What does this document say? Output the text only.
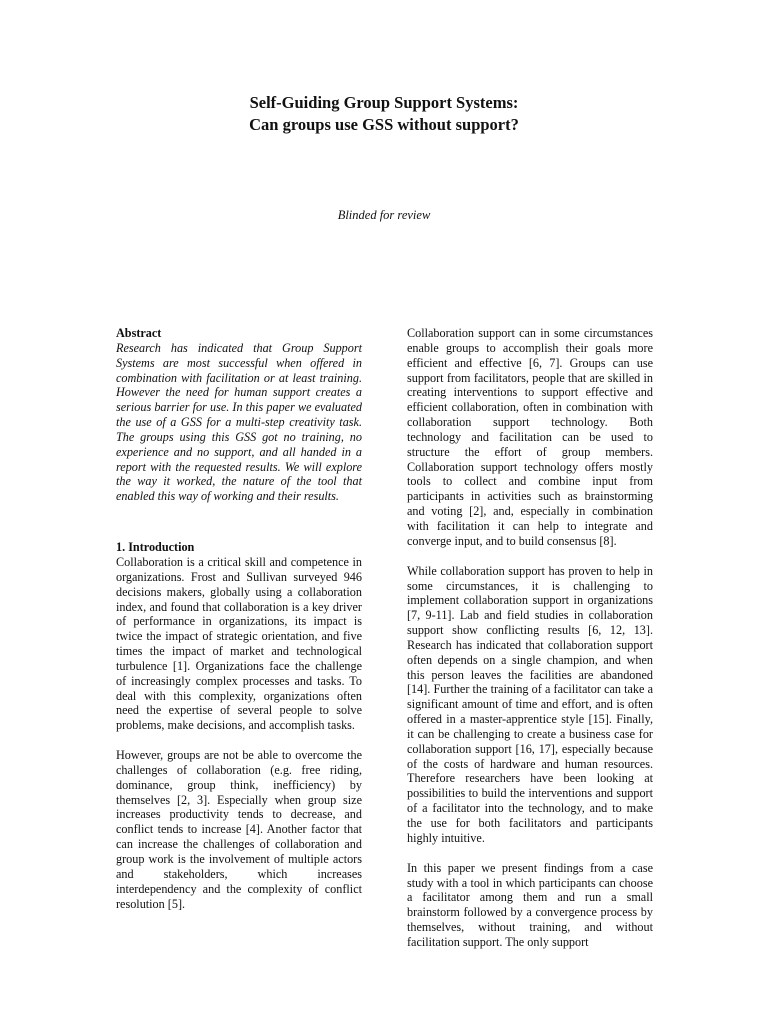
Self-Guiding Group Support Systems:
Can groups use GSS without support?
Blinded for review

Abstract

Research has indicated that Group Support Systems are most successful when offered in combination with facilitation or at least training. However the need for human support creates a serious barrier for use. In this paper we evaluated the use of a GSS for a multi-step creativity task. The groups using this GSS got no training, no experience and no support, and all handed in a report with the requested results. We will explore the way it worked, the nature of the tool that enabled this way of working and their results.

1. Introduction

Collaboration is a critical skill and competence in organizations. Frost and Sullivan surveyed 946 decisions makers, globally using a collaboration index, and found that collaboration is a key driver of performance in organizations, its impact is twice the impact of strategic orientation, and five times the impact of market and technological turbulence [1]. Organizations face the challenge of increasingly complex processes and tasks. To deal with this complexity, organizations often need the expertise of several people to solve problems, make decisions, and accomplish tasks.

However, groups are not be able to overcome the challenges of collaboration (e.g. free riding, dominance, group think, inefficiency) by themselves [2, 3]. Especially when group size increases productivity tends to decrease, and conflict tends to increase [4]. Another factor that can increase the challenges of collaboration and group work is the involvement of multiple actors and stakeholders, which increases interdependency and the complexity of conflict resolution [5].

Collaboration support can in some circumstances enable groups to accomplish their goals more efficient and effective [6, 7]. Groups can use support from facilitators, people that are skilled in creating interventions to support effective and efficient collaboration, often in combination with collaboration support technology. Both technology and facilitation can be used to structure the effort of group members. Collaboration support technology offers mostly tools to collect and combine input from participants in activities such as brainstorming and voting [2], and, especially in combination with facilitation it can help to integrate and converge input, and to build consensus [8].

While collaboration support has proven to help in some circumstances, it is challenging to implement collaboration support in organizations [7, 9-11]. Lab and field studies in collaboration support show conflicting results [6, 12, 13]. Research has indicated that collaboration support often depends on a single champion, and when this person leaves the facilities are abandoned [14]. Further the training of a facilitator can take a significant amount of time and effort, and is often offered in a master-apprentice style [15]. Finally, it can be challenging to create a business case for collaboration support [16, 17], especially because of the costs of hardware and human resources. Therefore researchers have been looking at possibilities to build the interventions and support of a facilitator into the technology, and to make the use for both facilitators and participants highly intuitive.

In this paper we present findings from a case study with a tool in which participants can choose a facilitator among them and run a small brainstorm followed by a convergence process by themselves, without training, and without facilitation support. The only support
